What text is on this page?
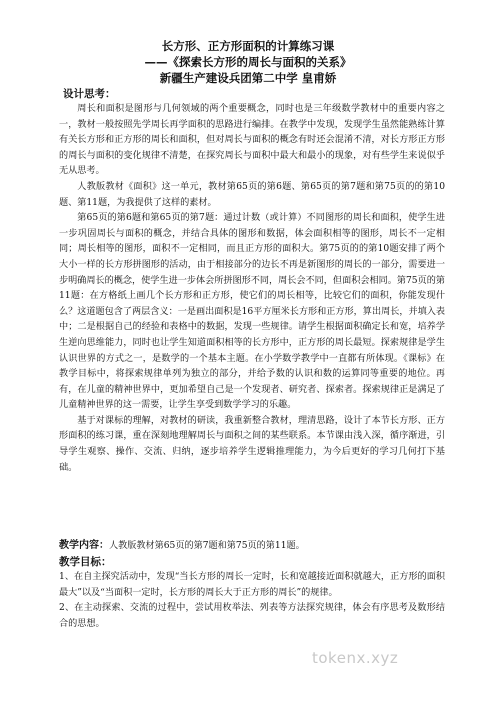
长方形、正方形面积的计算练习课
——《探索长方形的周长与面积的关系》
新疆生产建设兵团第二中学 皇甫娇
设计思考：

周长和面积是图形与几何领域的两个重要概念，同时也是三年级数学教材中的重要内容之一，教材一般按照先学周长再学面积的思路进行编排。在教学中发现，发现学生虽然能熟练计算有关长方形和正方形的周长和面积，但对周长与面积的概念有时还会混淆不清，对长方形正方形的周长与面积的变化规律不清楚，在探究周长与面积中最大和最小的现象，对有些学生来说似乎无从思考。

人教版教材《面积》这一单元，教材第65页的第6题、第65页的第7题和第75页的的第10题、第11题，为我提供了这样的素材。

第65页的第6题和第65页的第7题：通过计数（或计算）不同图形的周长和面积，使学生进一步巩固周长与面积的概念，并结合具体的图形和数据，体会面积相等的图形，周长不一定相同；周长相等的图形，面积不一定相同，而且正方形的面积大。第75页的的第10题安排了两个大小一样的长方形拼图形的活动，由于相接部分的边长不再是新图形的周长的一部分，需要进一步明确周长的概念，使学生进一步体会所拼图形不同，周长会不同，但面积会相同。第75页的第11题：在方格纸上画几个长方形和正方形，使它们的周长相等，比较它们的面积，你能发现什么？这道题包含了两层含义：一是画出面积是16平方厘米长方形和正方形，算出周长，并填入表中；二是根据自己的经验和表格中的数据，发现一些规律。请学生根据面积确定长和宽，培养学生逆向思维能力，同时也让学生知道面积相等的长方形中，正方形的周长最短。探索规律是学生认识世界的方式之一，是数学的一个基本主题。在小学数学教学中一直都有所体现。《课标》在教学目标中，将探索规律单列为独立的部分，并给予数的认识和数的运算同等重要的地位。再有，在儿童的精神世界中，更加希望自己是一个发现者、研究者、探索者。探索规律正是满足了儿童精神世界的这一需要，让学生享受到数学学习的乐趣。

基于对课标的理解，对教材的研读，我重新整合教材，理清思路，设计了本节长方形、正方形面积的练习课，重在深刻地理解周长与面积之间的某些联系。本节课由浅入深，循序渐进，引导学生观察、操作、交流、归纳，逐步培养学生逻辑推理能力，为今后更好的学习几何打下基础。

教学内容：人教版教材第65页的第7题和第75页的第11题。
教学目标：

1、在自主探究活动中，发现“当长方形的周长一定时，长和宽越接近面积就越大，正方形的面积最大”以及“当面积一定时，长方形的周长大于正方形的周长”的规律。

2、在主动探索、交流的过程中，尝试用枚举法、列表等方法探究规律，体会有序思考及数形结合的思想。

tokenx.xyz
